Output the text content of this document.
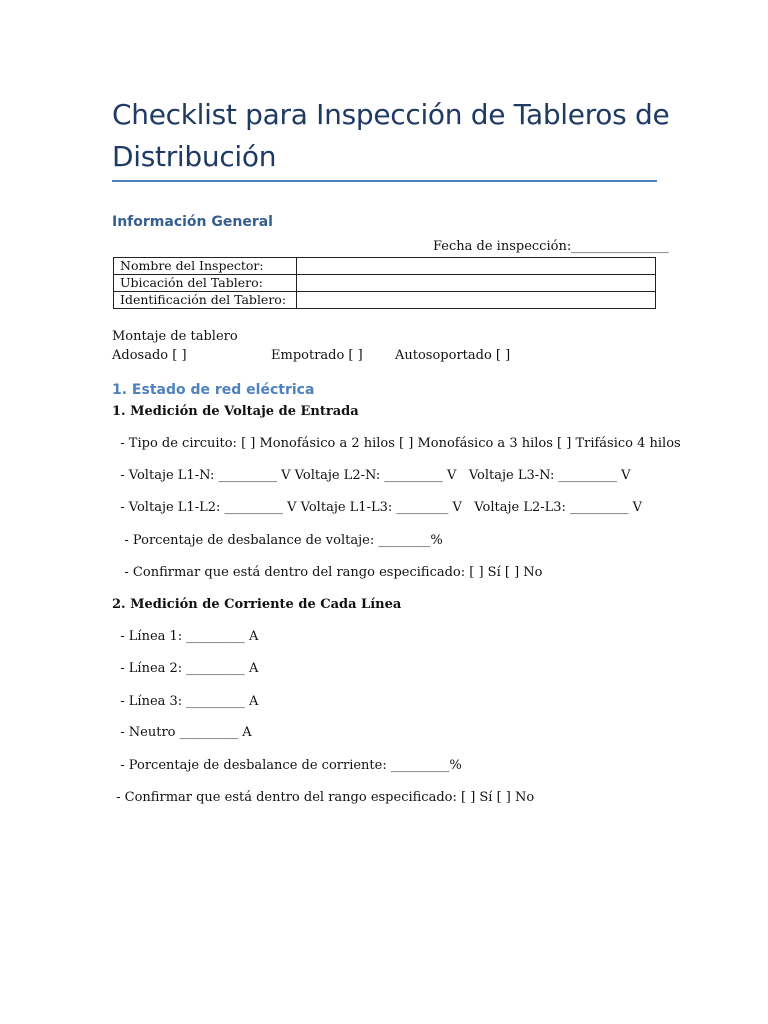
Checklist para Inspección de Tableros de Distribución
Información General
Fecha de inspección:_______________
Nombre del Inspector:	
Ubicación del Tablero:	
Identificación del Tablero:	
Montaje de tablero
Adosado [ ]	Empotrado [ ] Autosoportado [ ]
1. Estado de red eléctrica
1. Medición de Voltaje de Entrada
- Tipo de circuito: [ ] Monofásico a 2 hilos [ ] Monofásico a 3 hilos [ ] Trifásico 4 hilos
- Voltaje L1-N: _________ V Voltaje L2-N: _________ V   Voltaje L3-N: _________ V
- Voltaje L1-L2: _________ V Voltaje L1-L3: ________ V   Voltaje L2-L3: _________ V
- Porcentaje de desbalance de voltaje: ________%
- Confirmar que está dentro del rango especificado: [ ] Sí [ ] No
2. Medición de Corriente de Cada Línea
- Línea 1: _________ A
- Línea 2: _________ A
- Línea 3: _________ A
- Neutro _________ A
- Porcentaje de desbalance de corriente: _________%
- Confirmar que está dentro del rango especificado: [ ] Sí [ ] No
